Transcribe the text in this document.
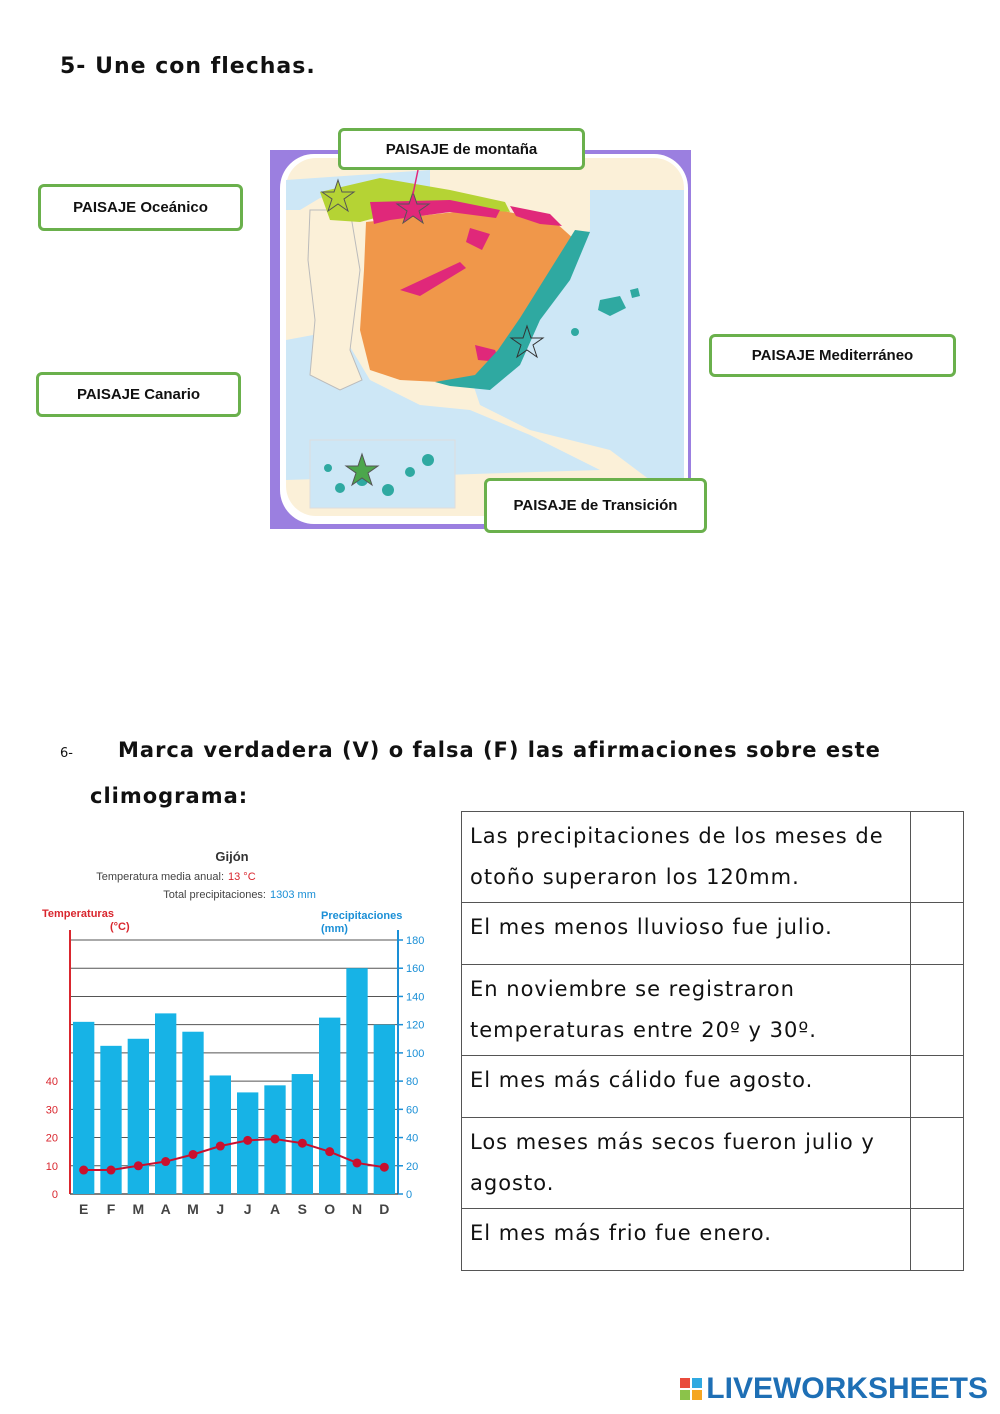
5- Une con flechas.
PAISAJE de montaña
PAISAJE Oceánico
PAISAJE Mediterráneo
PAISAJE Canario
PAISAJE de Transición
6- Marca verdadera (V) o falsa (F) las afirmaciones sobre este
climograma:
Gijón
Temperatura media anual: 13 °C
Total precipitaciones: 1303 mm
Temperaturas
(°C)
Precipitaciones
(mm)
0
20
40
60
80
100
120
140
160
180
0
10
20
30
40
E F M A M J J A S O N D
Las precipitaciones de los meses de otoño superaron los 120mm.	
El mes menos lluvioso fue julio.	
En noviembre se registraron temperaturas entre 20º y 30º.	
El mes más cálido fue agosto.	
Los meses más secos fueron julio y agosto.	
El mes más frio fue enero.	
LIVEWORKSHEETS
